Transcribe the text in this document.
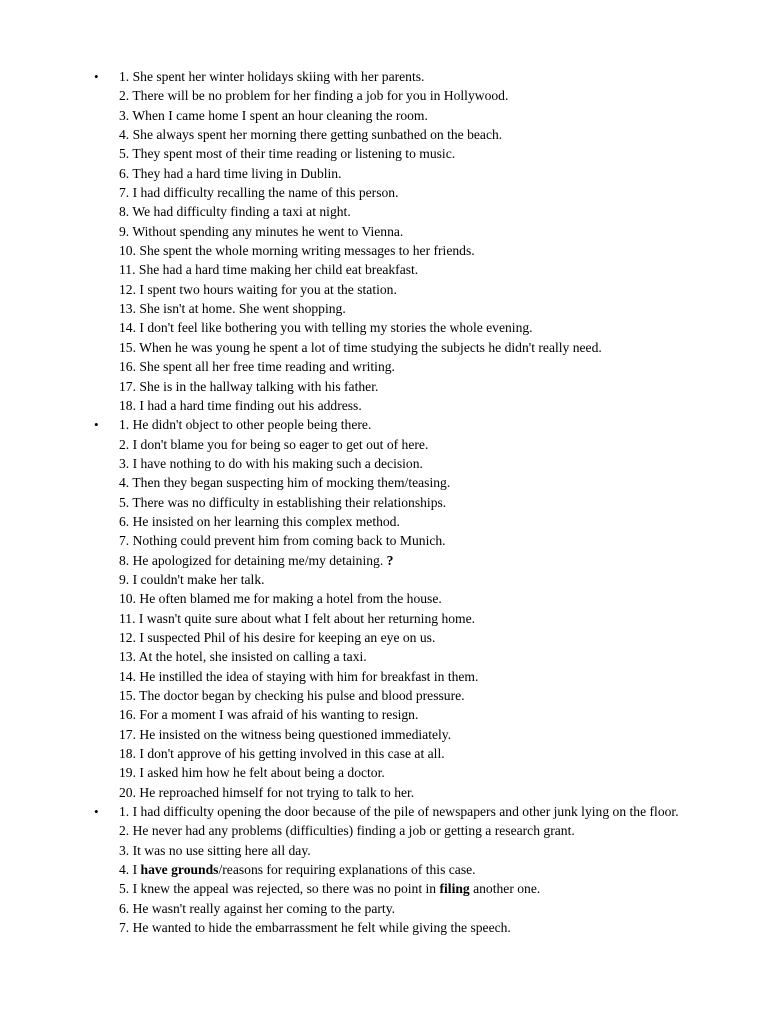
• 1. She spent her winter holidays skiing with her parents.
2. There will be no problem for her finding a job for you in Hollywood.
3. When I came home I spent an hour cleaning the room.
4. She always spent her morning there getting sunbathed on the beach.
5. They spent most of their time reading or listening to music.
6. They had a hard time living in Dublin.
7. I had difficulty recalling the name of this person.
8. We had difficulty finding a taxi at night.
9. Without spending any minutes he went to Vienna.
10. She spent the whole morning writing messages to her friends.
11. She had a hard time making her child eat breakfast.
12. I spent two hours waiting for you at the station.
13. She isn't at home. She went shopping.
14. I don't feel like bothering you with telling my stories the whole evening.
15. When he was young he spent a lot of time studying the subjects he didn't really need.
16. She spent all her free time reading and writing.
17. She is in the hallway talking with his father.
18. I had a hard time finding out his address.
• 1. He didn't object to other people being there.
2. I don't blame you for being so eager to get out of here.
3. I have nothing to do with his making such a decision.
4. Then they began suspecting him of mocking them/teasing.
5. There was no difficulty in establishing their relationships.
6. He insisted on her learning this complex method.
7. Nothing could prevent him from coming back to Munich.
8. He apologized for detaining me/my detaining. ?
9. I couldn't make her talk.
10. He often blamed me for making a hotel from the house.
11. I wasn't quite sure about what I felt about her returning home.
12. I suspected Phil of his desire for keeping an eye on us.
13. At the hotel, she insisted on calling a taxi.
14. He instilled the idea of staying with him for breakfast in them.
15. The doctor began by checking his pulse and blood pressure.
16. For a moment I was afraid of his wanting to resign.
17. He insisted on the witness being questioned immediately.
18. I don't approve of his getting involved in this case at all.
19. I asked him how he felt about being a doctor.
20. He reproached himself for not trying to talk to her.
• 1. I had difficulty opening the door because of the pile of newspapers and other junk lying on the floor.
2. He never had any problems (difficulties) finding a job or getting a research grant.
3. It was no use sitting here all day.
4. I have grounds/reasons for requiring explanations of this case.
5. I knew the appeal was rejected, so there was no point in filing another one.
6. He wasn't really against her coming to the party.
7. He wanted to hide the embarrassment he felt while giving the speech.
